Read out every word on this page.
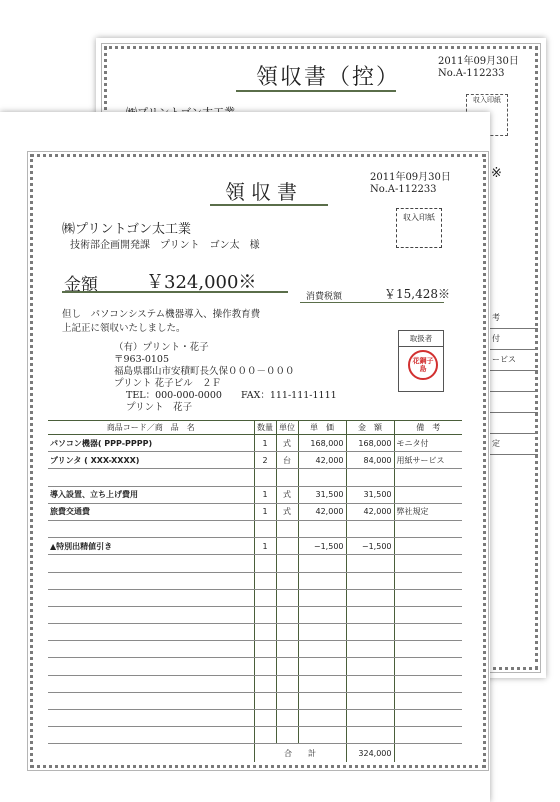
領収書（控）
2011年09月30日
No.A-112233
収入印紙
※
考
付
ービス
定
領収書
2011年09月30日
No.A-112233
収入印紙
㈱プリントゴン太工業
技術部企画開発課　プリント　ゴン太　様
金額	￥324,000※
消費税額	￥15,428※
但し　パソコンシステム機器導入、操作教育費
上記正に領収いたしました。
（有）プリント・花子
〒963-0105
福島県郡山市安積町長久保０００－０００
プリント 花子ビル　２Ｆ
TEL：000-000-0000　　FAX：111-111-1111
プリント　花子
取扱者
花鋼子島
商品コード／商　品　名	数量	単位	単　価	金　額	備　考
パソコン機器( PPP-PPPP)	1	式	168,000	168,000	モニタ付
プリンタ ( XXX-XXXX)	2	台	42,000	84,000	用紙サービス

導入設置、立ち上げ費用	1	式	31,500	31,500	
旅費交通費	1	式	42,000	42,000	弊社規定

▲特別出精値引き	1		−1,500	−1,500	

	合　　計			324,000	
